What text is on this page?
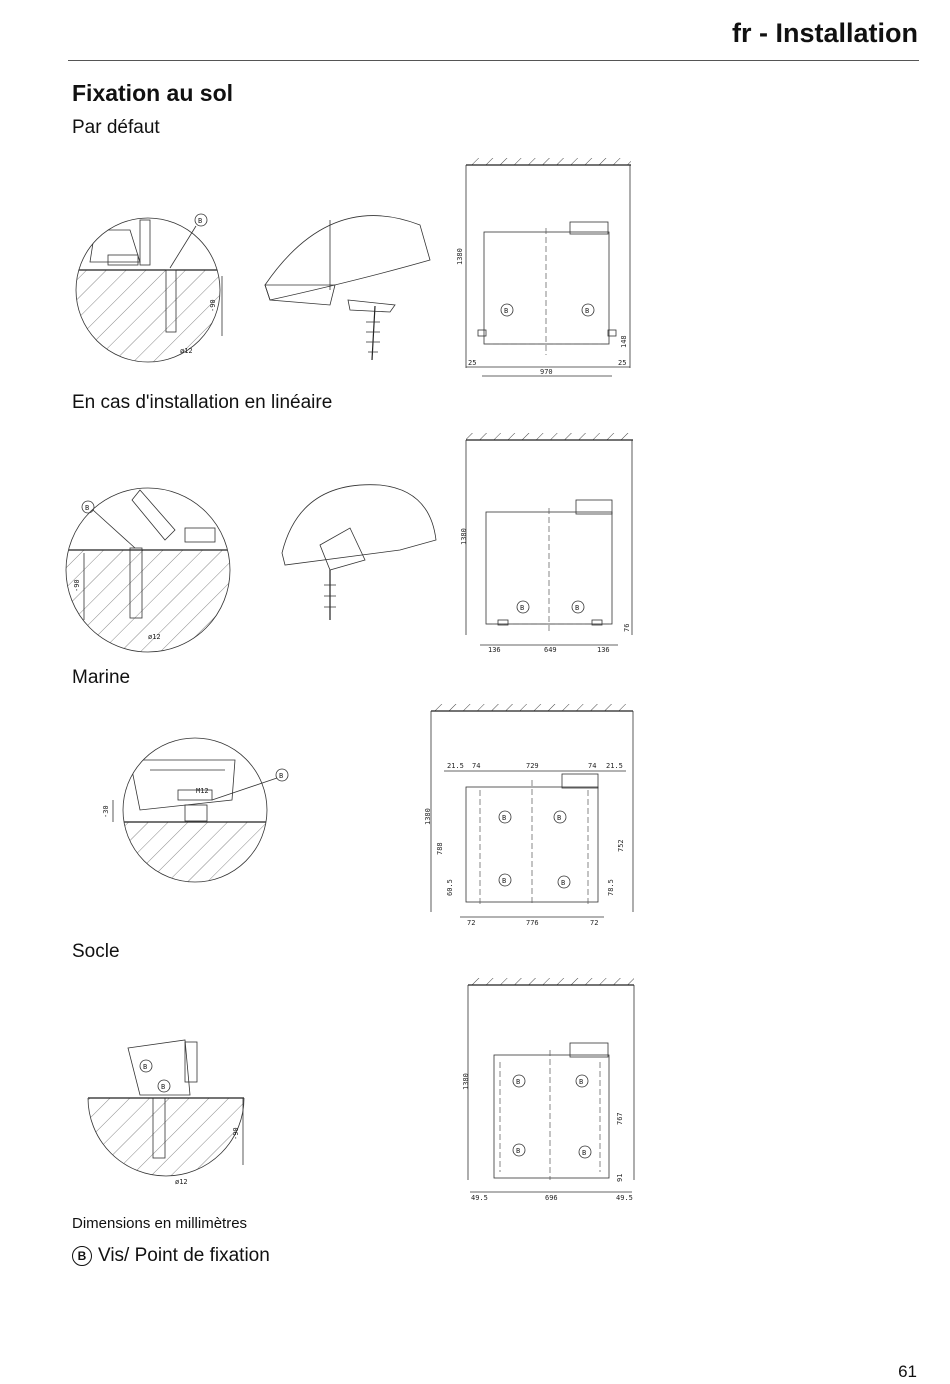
fr - Installation
Fixation au sol
Par défaut
En cas d'installation en linéaire
Marine
Socle
B
-90
ø12
B	B
1380
148
25
970
25
B
-90
ø12
B	B
1380
76
136	649	136
B
M12
-30
21.5 74	729	74 21.5
B	B
B	B
1380
788
60.5
752
78.5
72	776	72
B
B
-90
ø12
B	B
B	B
1380
767
91
49.5	696	49.5
Dimensions en millimètres
B Vis/ Point de fixation
61
